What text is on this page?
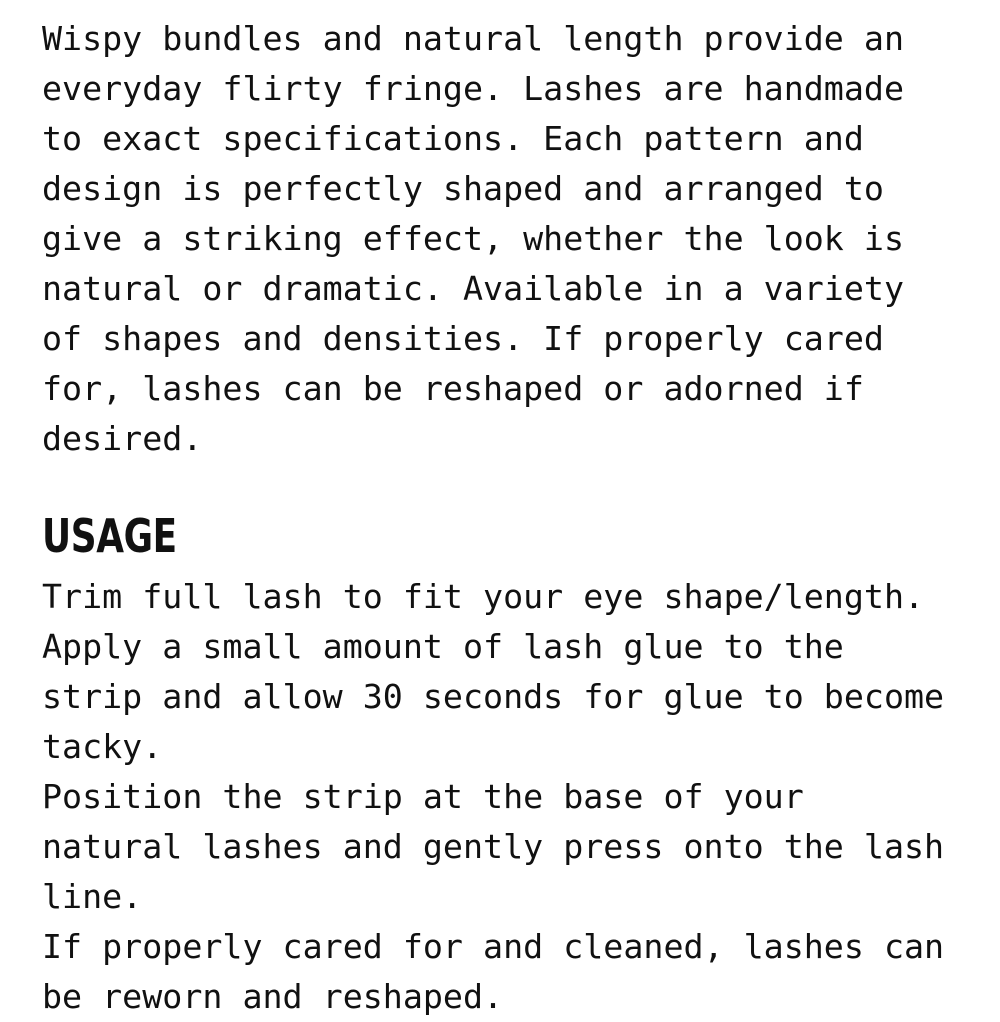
Wispy bundles and natural length provide an

everyday flirty fringe. Lashes are handmade

to exact specifications. Each pattern and

design is perfectly shaped and arranged to

give a striking effect, whether the look is

natural or dramatic. Available in a variety

of shapes and densities. If properly cared

for, lashes can be reshaped or adorned if

desired.

USAGE

Trim full lash to fit your eye shape/length.

Apply a small amount of lash glue to the

strip and allow 30 seconds for glue to become

tacky.

Position the strip at the base of your

natural lashes and gently press onto the lash

line.

If properly cared for and cleaned, lashes can

be reworn and reshaped.
